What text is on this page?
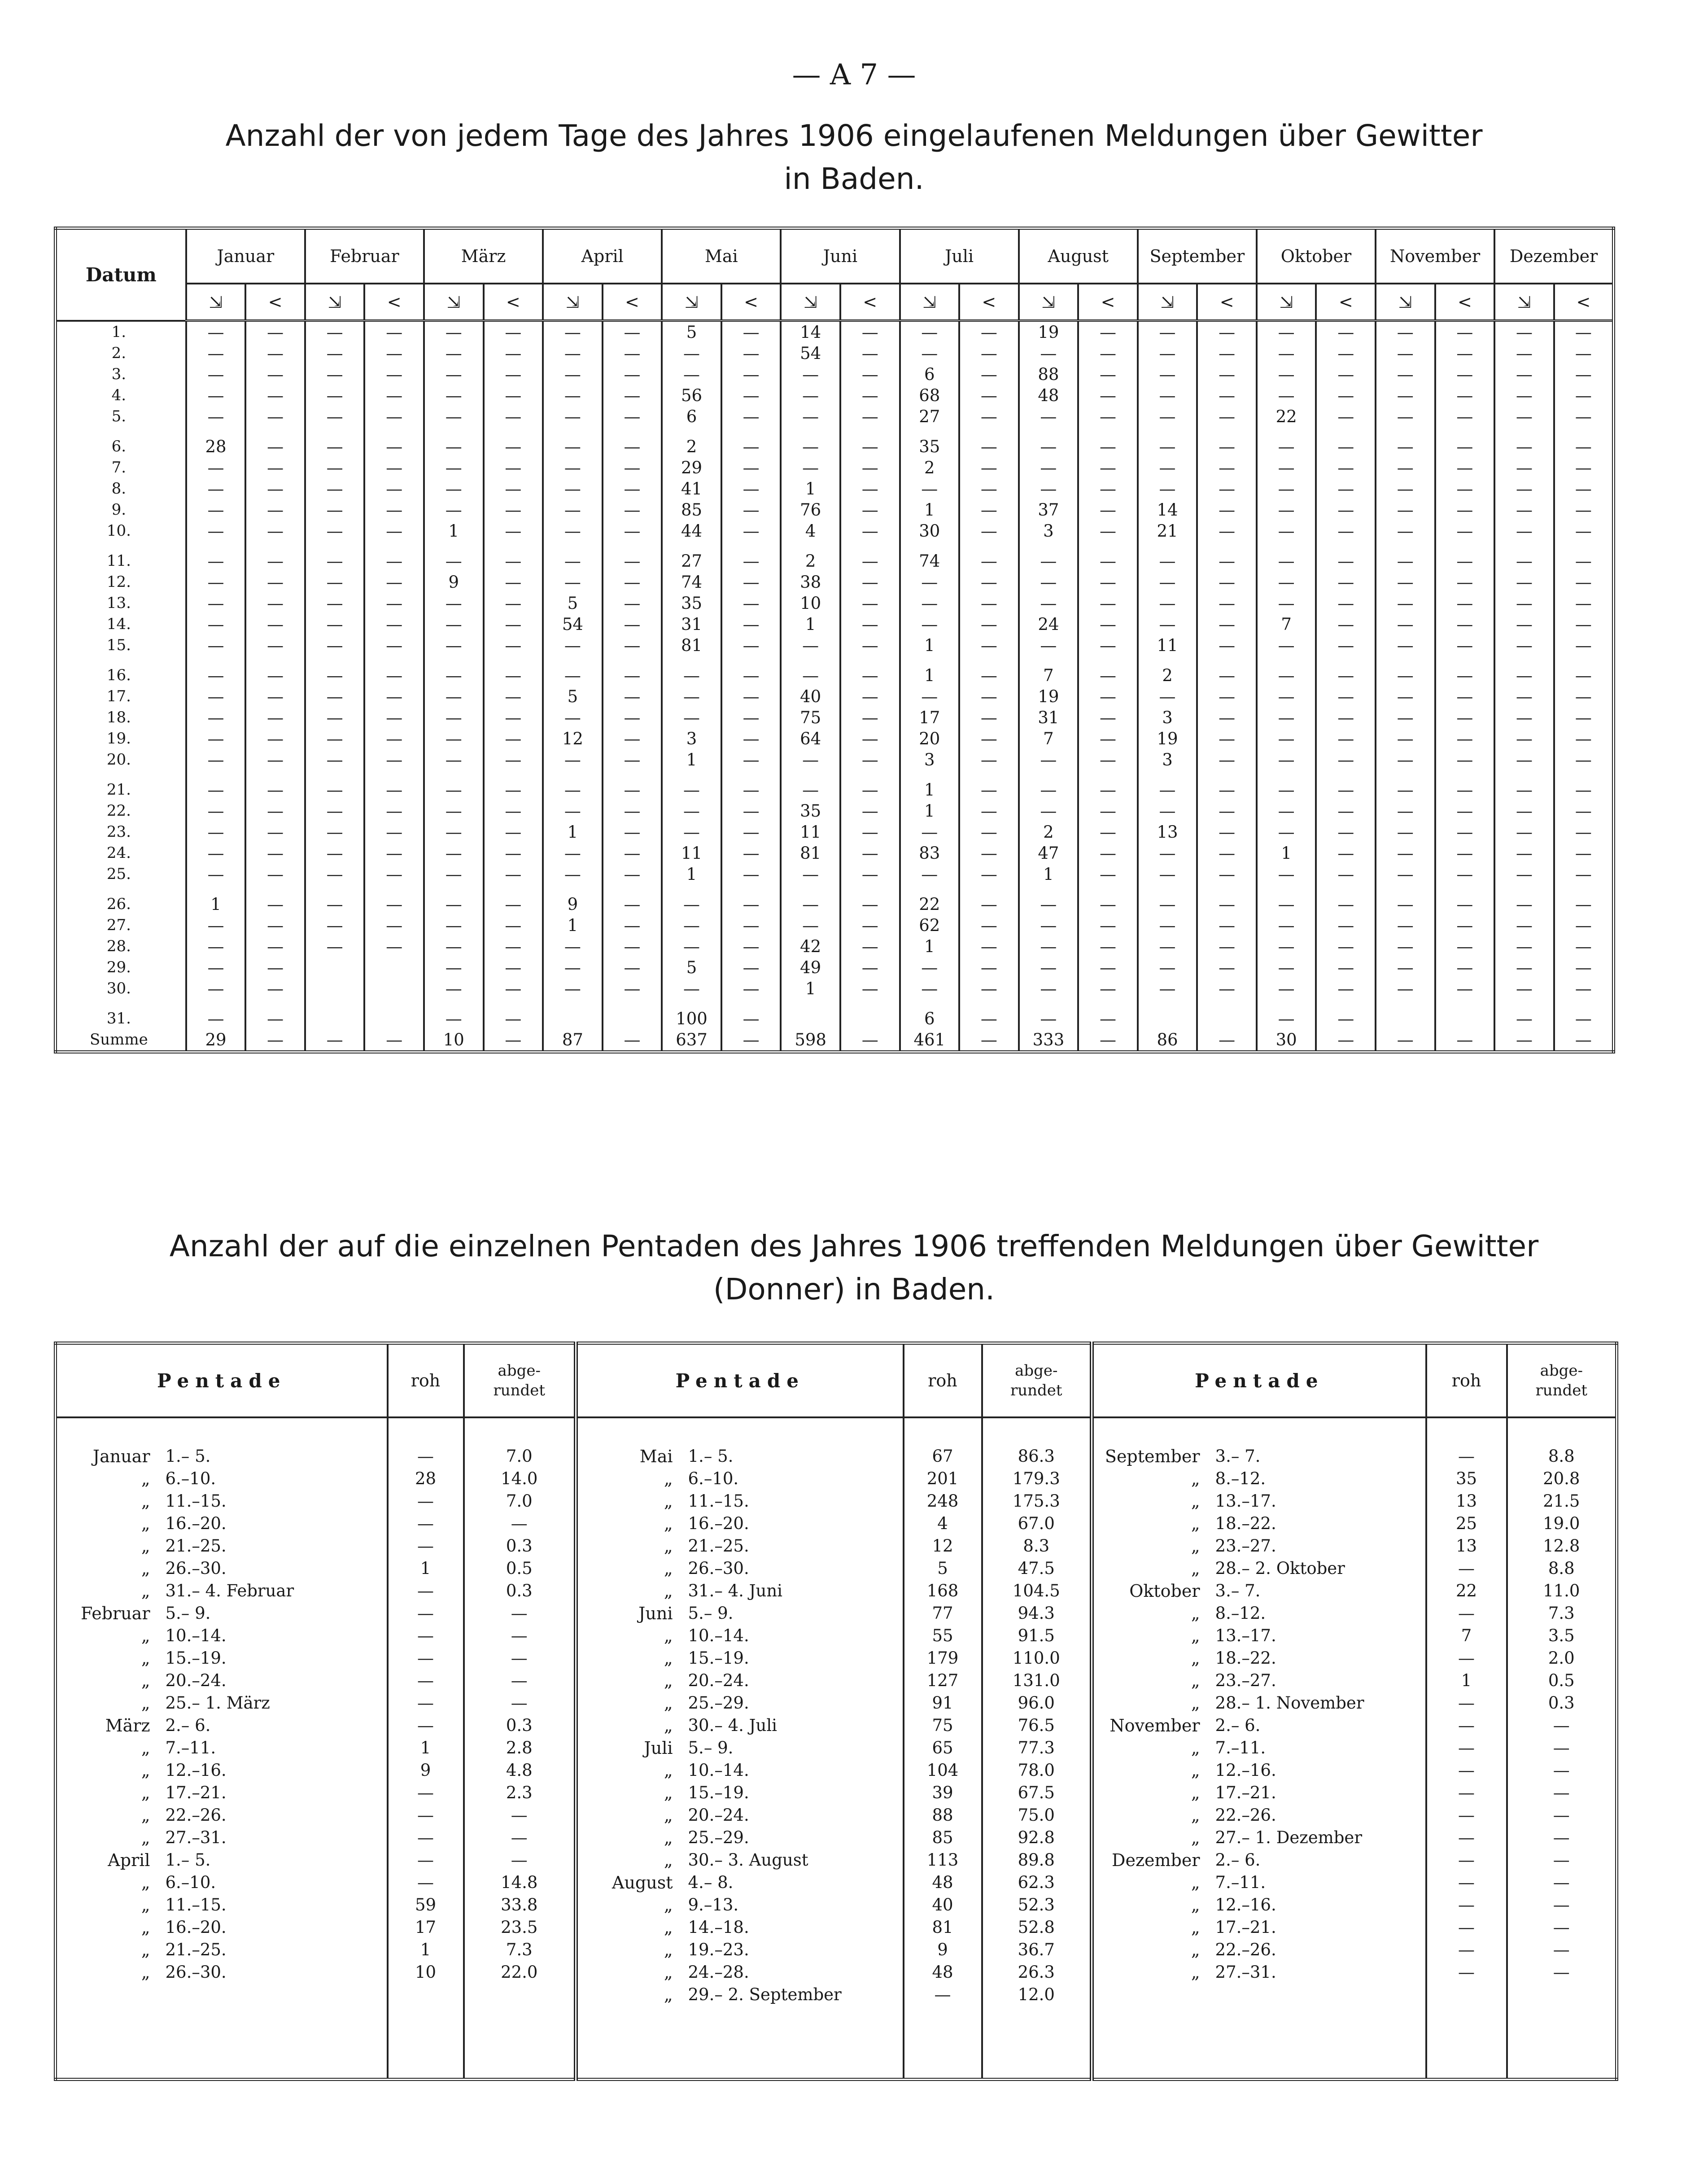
— A 7 —
Anzahl der von jedem Tage des Jahres 1906 eingelaufenen Meldungen über Gewitter
in Baden.
Datum	Januar		Februar		März		April		Mai		Juni		Juli		August		September		Oktober		November		Dezember	
	⇲	<	⇲	<	⇲	<	⇲	<	⇲	<	⇲	<	⇲	<	⇲	<	⇲	<	⇲	<	⇲	<	⇲	<
1.	—	—	—	—	—	—	—	—	5	—	14	—	—	—	19	—	—	—	—	—	—	—	—	—
2.	—	—	—	—	—	—	—	—	—	—	54	—	—	—	—	—	—	—	—	—	—	—	—	—
3.	—	—	—	—	—	—	—	—	—	—	—	—	6	—	88	—	—	—	—	—	—	—	—	—
4.	—	—	—	—	—	—	—	—	56	—	—	—	68	—	48	—	—	—	—	—	—	—	—	—
5.	—	—	—	—	—	—	—	—	6	—	—	—	27	—	—	—	—	—	22	—	—	—	—	—

6.	28	—	—	—	—	—	—	—	2	—	—	—	35	—	—	—	—	—	—	—	—	—	—	—
7.	—	—	—	—	—	—	—	—	29	—	—	—	2	—	—	—	—	—	—	—	—	—	—	—
8.	—	—	—	—	—	—	—	—	41	—	1	—	—	—	—	—	—	—	—	—	—	—	—	—
9.	—	—	—	—	—	—	—	—	85	—	76	—	1	—	37	—	14	—	—	—	—	—	—	—
10.	—	—	—	—	1	—	—	—	44	—	4	—	30	—	3	—	21	—	—	—	—	—	—	—

11.	—	—	—	—	—	—	—	—	27	—	2	—	74	—	—	—	—	—	—	—	—	—	—	—
12.	—	—	—	—	9	—	—	—	74	—	38	—	—	—	—	—	—	—	—	—	—	—	—	—
13.	—	—	—	—	—	—	5	—	35	—	10	—	—	—	—	—	—	—	—	—	—	—	—	—
14.	—	—	—	—	—	—	54	—	31	—	1	—	—	—	24	—	—	—	7	—	—	—	—	—
15.	—	—	—	—	—	—	—	—	81	—	—	—	1	—	—	—	11	—	—	—	—	—	—	—

16.	—	—	—	—	—	—	—	—	—	—	—	—	1	—	7	—	2	—	—	—	—	—	—	—
17.	—	—	—	—	—	—	5	—	—	—	40	—	—	—	19	—	—	—	—	—	—	—	—	—
18.	—	—	—	—	—	—	—	—	—	—	75	—	17	—	31	—	3	—	—	—	—	—	—	—
19.	—	—	—	—	—	—	12	—	3	—	64	—	20	—	7	—	19	—	—	—	—	—	—	—
20.	—	—	—	—	—	—	—	—	1	—	—	—	3	—	—	—	3	—	—	—	—	—	—	—

21.	—	—	—	—	—	—	—	—	—	—	—	—	1	—	—	—	—	—	—	—	—	—	—	—
22.	—	—	—	—	—	—	—	—	—	—	35	—	1	—	—	—	—	—	—	—	—	—	—	—
23.	—	—	—	—	—	—	1	—	—	—	11	—	—	—	2	—	13	—	—	—	—	—	—	—
24.	—	—	—	—	—	—	—	—	11	—	81	—	83	—	47	—	—	—	1	—	—	—	—	—
25.	—	—	—	—	—	—	—	—	1	—	—	—	—	—	1	—	—	—	—	—	—	—	—	—

26.	1	—	—	—	—	—	9	—	—	—	—	—	22	—	—	—	—	—	—	—	—	—	—	—
27.	—	—	—	—	—	—	1	—	—	—	—	—	62	—	—	—	—	—	—	—	—	—	—	—
28.	—	—	—	—	—	—	—	—	—	—	42	—	1	—	—	—	—	—	—	—	—	—	—	—
29.	—	—			—	—	—	—	5	—	49	—	—	—	—	—	—	—	—	—	—	—	—	—
30.	—	—			—	—	—	—	—	—	1	—	—	—	—	—	—	—	—	—	—	—	—	—

31.	—	—			—	—			100	—			6	—	—	—			—	—			—	—
Summe	29	—	—	—	10	—	87	—	637	—	598	—	461	—	333	—	86	—	30	—	—	—	—	—
Anzahl der auf die einzelnen Pentaden des Jahres 1906 treffenden Meldungen über Gewitter
(Donner) in Baden.
Pentade		roh	abge-
rundet	Pentade		roh	abge-
rundet	Pentade		roh	abge-
rundet
Januar	1.– 5.	—	7.0	Mai	1.– 5.	67	86.3	September	3.– 7.	—	8.8
„	6.–10.	28	14.0	„	6.–10.	201	179.3	„	8.–12.	35	20.8
„	11.–15.	—	7.0	„	11.–15.	248	175.3	„	13.–17.	13	21.5
„	16.–20.	—	—	„	16.–20.	4	67.0	„	18.–22.	25	19.0
„	21.–25.	—	0.3	„	21.–25.	12	8.3	„	23.–27.	13	12.8
„	26.–30.	1	0.5	„	26.–30.	5	47.5	„	28.– 2. Oktober	—	8.8
„	31.– 4. Februar	—	0.3	„	31.– 4. Juni	168	104.5	Oktober	3.– 7.	22	11.0
Februar	5.– 9.	—	—	Juni	5.– 9.	77	94.3	„	8.–12.	—	7.3
„	10.–14.	—	—	„	10.–14.	55	91.5	„	13.–17.	7	3.5
„	15.–19.	—	—	„	15.–19.	179	110.0	„	18.–22.	—	2.0
„	20.–24.	—	—	„	20.–24.	127	131.0	„	23.–27.	1	0.5
„	25.– 1. März	—	—	„	25.–29.	91	96.0	„	28.– 1. November	—	0.3
März	2.– 6.	—	0.3	„	30.– 4. Juli	75	76.5	November	2.– 6.	—	—
„	7.–11.	1	2.8	Juli	5.– 9.	65	77.3	„	7.–11.	—	—
„	12.–16.	9	4.8	„	10.–14.	104	78.0	„	12.–16.	—	—
„	17.–21.	—	2.3	„	15.–19.	39	67.5	„	17.–21.	—	—
„	22.–26.	—	—	„	20.–24.	88	75.0	„	22.–26.	—	—
„	27.–31.	—	—	„	25.–29.	85	92.8	„	27.– 1. Dezember	—	—
April	1.– 5.	—	—	„	30.– 3. August	113	89.8	Dezember	2.– 6.	—	—
„	6.–10.	—	14.8	August	4.– 8.	48	62.3	„	7.–11.	—	—
„	11.–15.	59	33.8	„	9.–13.	40	52.3	„	12.–16.	—	—
„	16.–20.	17	23.5	„	14.–18.	81	52.8	„	17.–21.	—	—
„	21.–25.	1	7.3	„	19.–23.	9	36.7	„	22.–26.	—	—
„	26.–30.	10	22.0	„	24.–28.	48	26.3	„	27.–31.	—	—
				„	29.– 2. September	—	12.0				
